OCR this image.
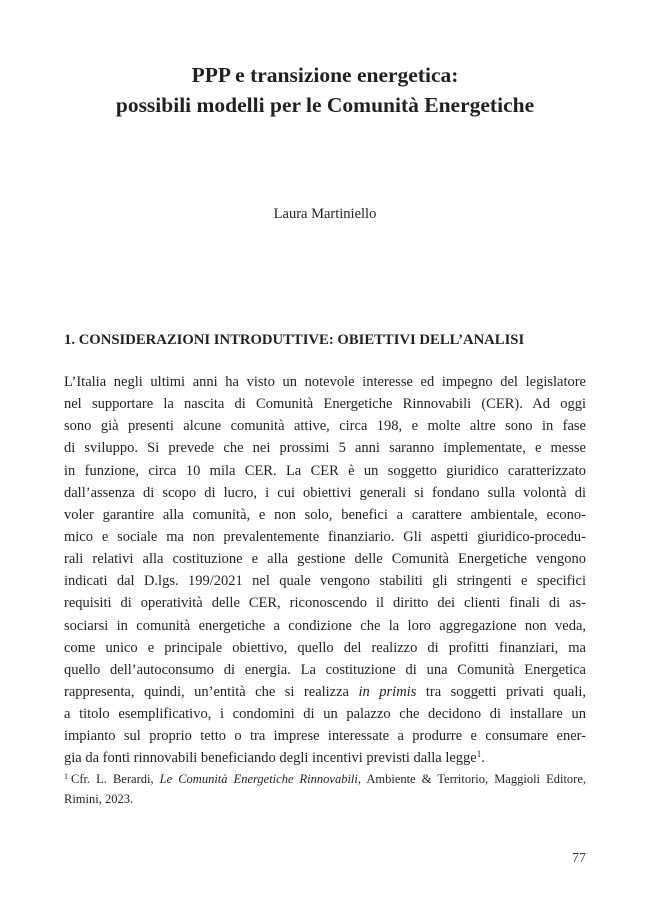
PPP e transizione energetica:
possibili modelli per le Comunità Energetiche
Laura Martiniello
1. CONSIDERAZIONI INTRODUTTIVE: OBIETTIVI DELL’ANALISI
L’Italia negli ultimi anni ha visto un notevole interesse ed impegno del legislatore
nel supportare la nascita di Comunità Energetiche Rinnovabili (CER). Ad oggi
sono già presenti alcune comunità attive, circa 198, e molte altre sono in fase
di sviluppo. Si prevede che nei prossimi 5 anni saranno implementate, e messe
in funzione, circa 10 mila CER. La CER è un soggetto giuridico caratterizzato
dall’assenza di scopo di lucro, i cui obiettivi generali si fondano sulla volontà di
voler garantire alla comunità, e non solo, benefici a carattere ambientale, econo-
mico e sociale ma non prevalentemente finanziario. Gli aspetti giuridico-procedu-
rali relativi alla costituzione e alla gestione delle Comunità Energetiche vengono
indicati dal D.lgs. 199/2021 nel quale vengono stabiliti gli stringenti e specifici
requisiti di operatività delle CER, riconoscendo il diritto dei clienti finali di as-
sociarsi in comunità energetiche a condizione che la loro aggregazione non veda,
come unico e principale obiettivo, quello del realizzo di profitti finanziari, ma
quello dell’autoconsumo di energia. La costituzione di una Comunità Energetica
rappresenta, quindi, un’entità che si realizza in primis tra soggetti privati quali,
a titolo esemplificativo, i condomini di un palazzo che decidono di installare un
impianto sul proprio tetto o tra imprese interessate a produrre e consumare ener-
gia da fonti rinnovabili beneficiando degli incentivi previsti dalla legge$^1$.
$^1$ Cfr. L. Berardi, Le Comunità Energetiche Rinnovabili, Ambiente & Territorio, Maggioli Editore,
Rimini, 2023.
77
